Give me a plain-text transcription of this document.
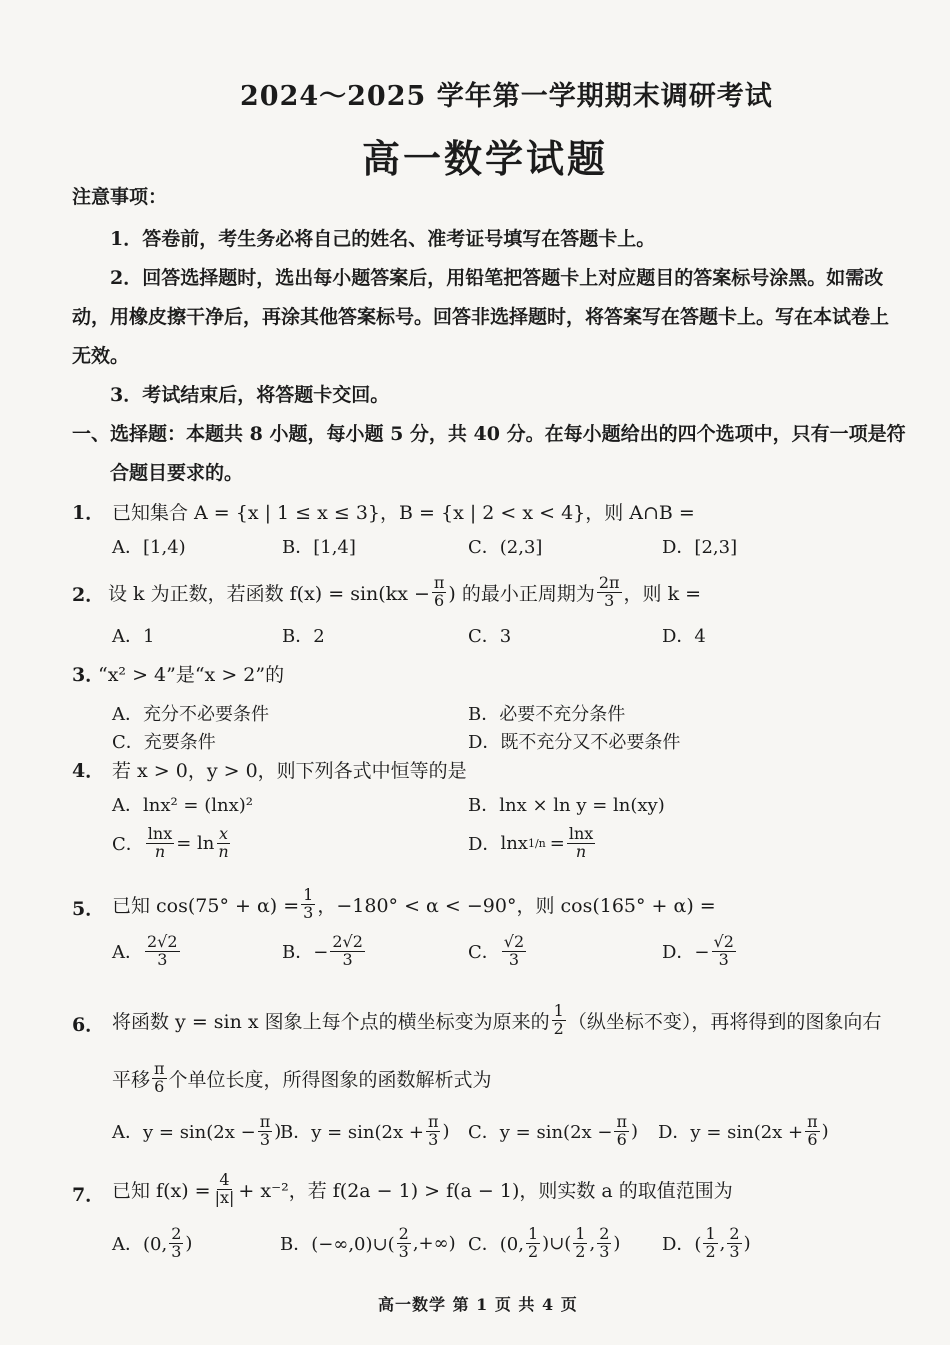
2024～2025 学年第一学期期末调研考试
高一数学试题
注意事项：
1．答卷前，考生务必将自己的姓名、准考证号填写在答题卡上。
2．回答选择题时，选出每小题答案后，用铅笔把答题卡上对应题目的答案标号涂黑。如需改
动，用橡皮擦干净后，再涂其他答案标号。回答非选择题时，将答案写在答题卡上。写在本试卷上
无效。
3．考试结束后，将答题卡交回。
一、选择题：本题共 8 小题，每小题 5 分，共 40 分。在每小题给出的四个选项中，只有一项是符
合题目要求的。
1． 已知集合 A = {x | 1 ≤ x ≤ 3}，B = {x | 2 < x < 4}，则 A∩B =
A．[1,4)	B．[1,4]	C．(2,3]	D．[2,3]
2． 设 k 为正数，若函数 $f(x) = \sin(kx - \frac{\pi}{6}$ ) 的最小正周期为 $\frac{2\pi}{3}$ ，则 k =
A．1	B．2	C．3	D．4
3．
“x² > 4”是“x > 2”的
A．充分不必要条件	B．必要不充分条件
C．充要条件	D．既不充分又不必要条件
4． 若 x > 0，y > 0，则下列各式中恒等的是
A．lnx² = (lnx)²	B．lnx × ln y = ln(xy)
C． $\frac{\ln x}{n} = \ln \frac{x}{n}$	D． lnx $1/n = \frac{\ln x}{n}$
5． 已知 $\cos(75^\circ + \alpha) = \frac{1}{3}$ ，−180° < α < −90°，则 cos(165° + α) =
A． $\frac{2√2}{3}$	B．− $\frac{2√2}{3}$	C． $\frac{√2}{3}$	D．− $\frac{√2}{3}$
6． 将函数 y = sin x 图象上每个点的横坐标变为原来的 $\frac{1}{2}$ （纵坐标不变），再将得到的图象向右
平移 $\frac{\pi}{6}$ 个单位长度，所得图象的函数解析式为
A．$y = \sin(2x - \frac{\pi}{3}$ )
B．$y = \sin(2x + \frac{\pi}{3}$ ) C．$y = \sin(2x - \frac{\pi}{6}$ ) D．$y = \sin(2x + \frac{\pi}{6}$ )
7． 已知 $f(x) = \frac{4}{|x|} + x^{-2}$，若 f(2a − 1) > f(a − 1)，则实数 a 的取值范围为
A．(0, $\frac{2}{3}$ )	B．(−∞,0)∪( $\frac{2}{3}$ ,+∞) C．(0, $\frac{1}{2}$ )∪( $\frac{1}{2}$ , $\frac{2}{3}$ ) D．( $\frac{1}{2}$ , $\frac{2}{3}$ )
高一数学 第 1 页 共 4 页
